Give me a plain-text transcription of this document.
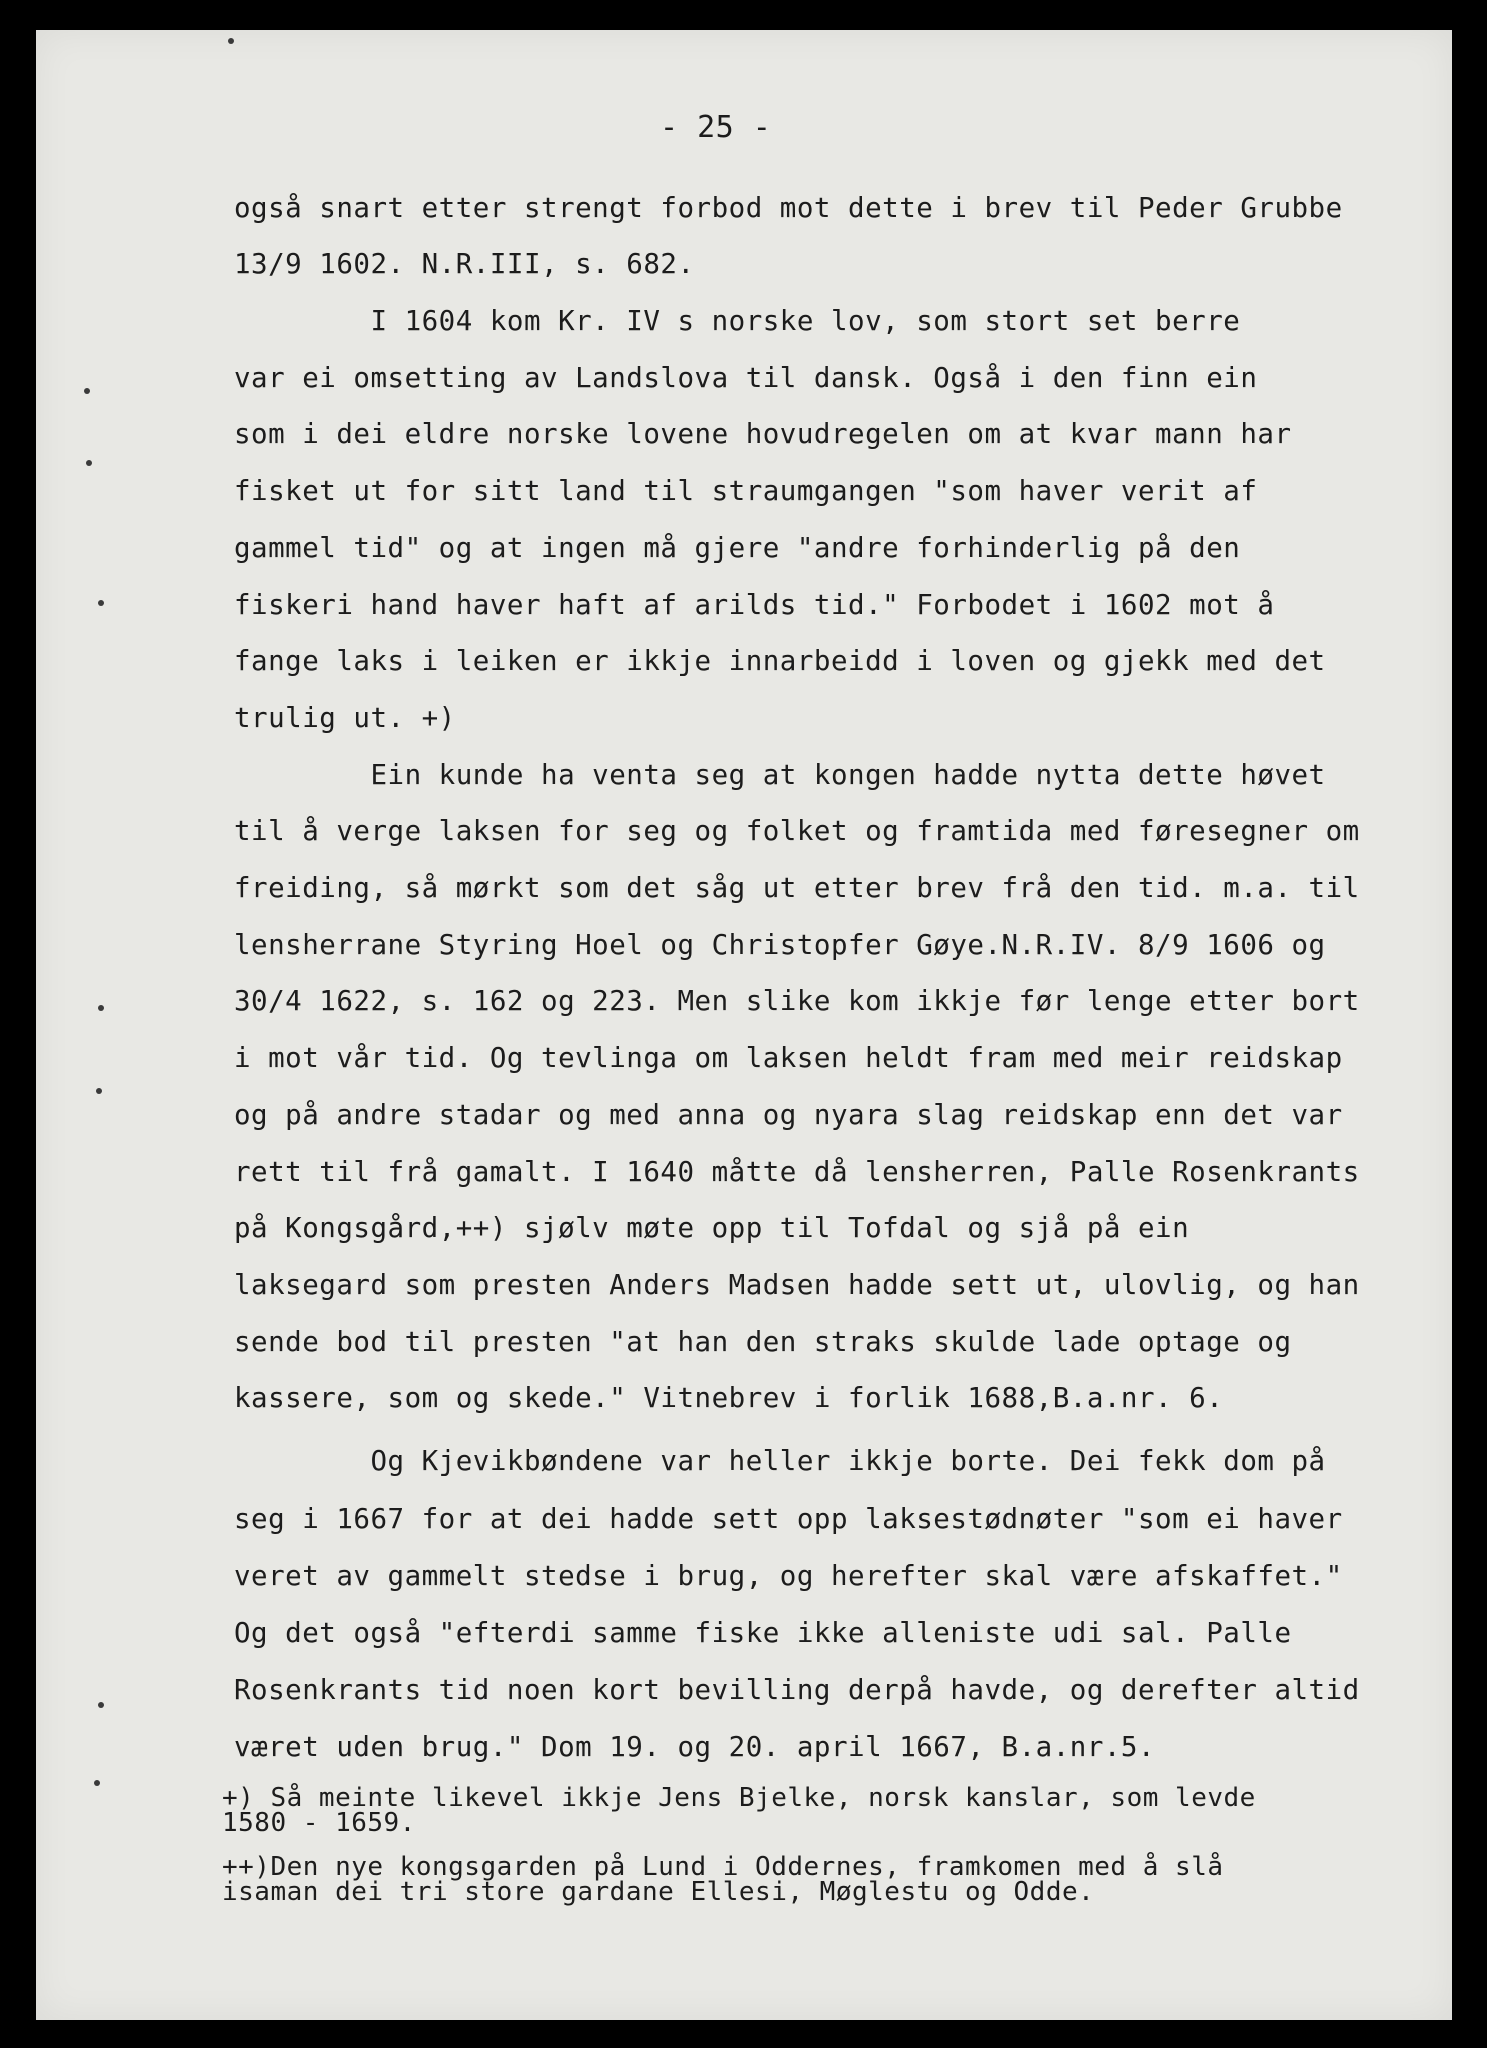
- 25 -
også snart etter strengt forbod mot dette i brev til Peder Grubbe
13/9 1602. N.R.III, s. 682.
I 1604 kom Kr. IV s norske lov, som stort set berre
var ei omsetting av Landslova til dansk. Også i den finn ein
som i dei eldre norske lovene hovudregelen om at kvar mann har
fisket ut for sitt land til straumgangen "som haver verit af
gammel tid" og at ingen må gjere "andre forhinderlig på den
fiskeri hand haver haft af arilds tid." Forbodet i 1602 mot å
fange laks i leiken er ikkje innarbeidd i loven og gjekk med det
trulig ut. +)
Ein kunde ha venta seg at kongen hadde nytta dette høvet
til å verge laksen for seg og folket og framtida med føresegner om
freiding, så mørkt som det såg ut etter brev frå den tid. m.a. til
lensherrane Styring Hoel og Christopfer Gøye.N.R.IV. 8/9 1606 og
30/4 1622, s. 162 og 223. Men slike kom ikkje før lenge etter bort
i mot vår tid. Og tevlinga om laksen heldt fram med meir reidskap
og på andre stadar og med anna og nyara slag reidskap enn det var
rett til frå gamalt. I 1640 måtte då lensherren, Palle Rosenkrants
på Kongsgård,++) sjølv møte opp til Tofdal og sjå på ein
laksegard som presten Anders Madsen hadde sett ut, ulovlig, og han
sende bod til presten "at han den straks skulde lade optage og
kassere, som og skede." Vitnebrev i forlik 1688,B.a.nr. 6.
Og Kjevikbøndene var heller ikkje borte. Dei fekk dom på
seg i 1667 for at dei hadde sett opp laksestødnøter "som ei haver
veret av gammelt stedse i brug, og herefter skal være afskaffet."
Og det også "efterdi samme fiske ikke alleniste udi sal. Palle
Rosenkrants tid noen kort bevilling derpå havde, og derefter altid
været uden brug." Dom 19. og 20. april 1667, B.a.nr.5.
+) Så meinte likevel ikkje Jens Bjelke, norsk kanslar, som levde
1580 - 1659.
++)Den nye kongsgarden på Lund i Oddernes, framkomen med å slå
isaman dei tri store gardane Ellesi, Møglestu og Odde.
